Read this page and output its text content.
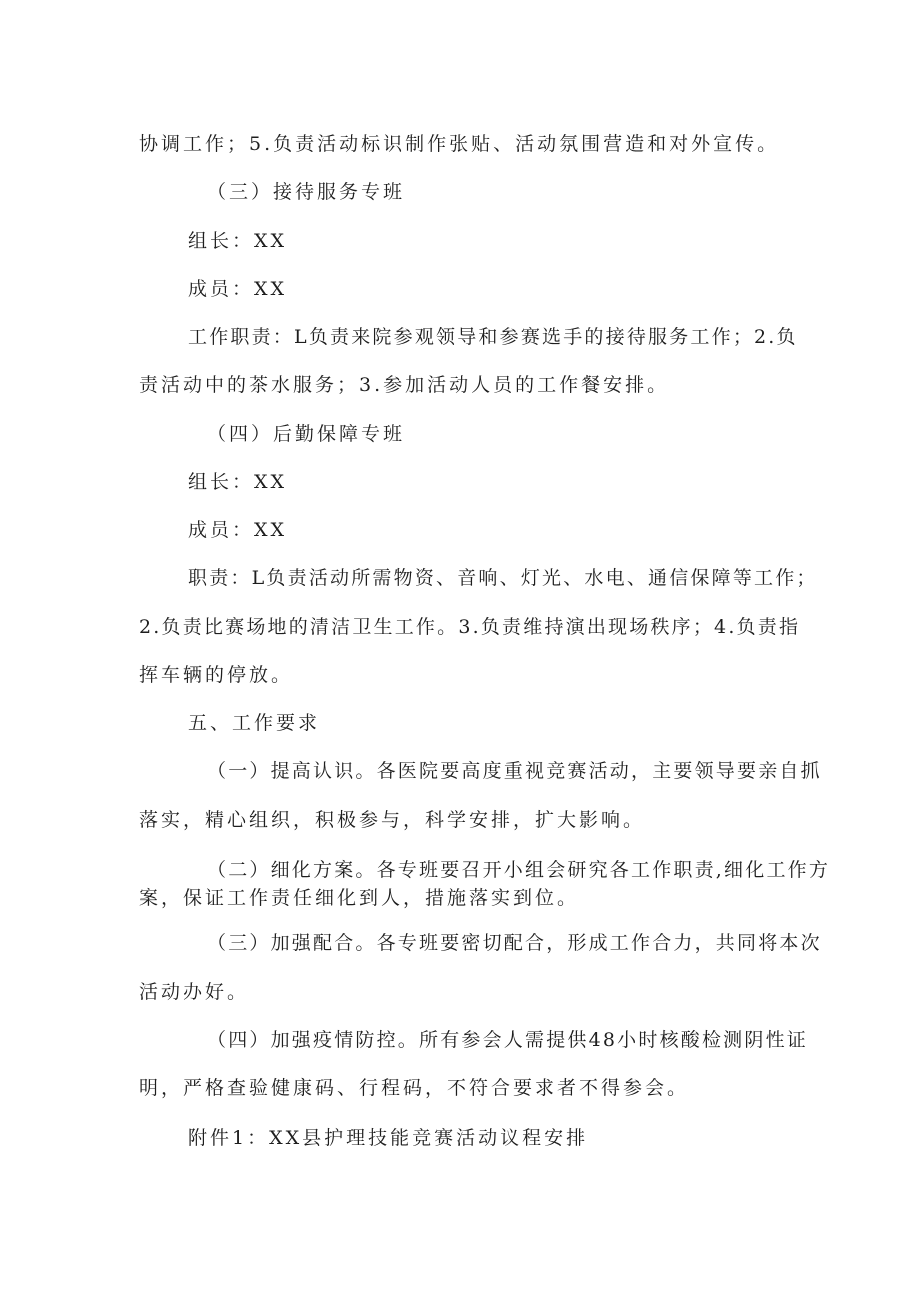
协调工作；5.负责活动标识制作张贴、活动氛围营造和对外宣传。
（三）接待服务专班
组长：XX
成员：XX
工作职责：L负责来院参观领导和参赛选手的接待服务工作；2.负
责活动中的茶水服务；3.参加活动人员的工作餐安排。
（四）后勤保障专班
组长：XX
成员：XX
职责：L负责活动所需物资、音响、灯光、水电、通信保障等工作；
2.负责比赛场地的清洁卫生工作。3.负责维持演出现场秩序；4.负责指
挥车辆的停放。
五、工作要求
（一）提高认识。各医院要高度重视竞赛活动，主要领导要亲自抓
落实，精心组织，积极参与，科学安排，扩大影响。
（二）细化方案。各专班要召开小组会研究各工作职责,细化工作方
案，保证工作责任细化到人，措施落实到位。
（三）加强配合。各专班要密切配合，形成工作合力，共同将本次
活动办好。
（四）加强疫情防控。所有参会人需提供48小时核酸检测阴性证
明，严格查验健康码、行程码，不符合要求者不得参会。
附件1：XX县护理技能竞赛活动议程安排
